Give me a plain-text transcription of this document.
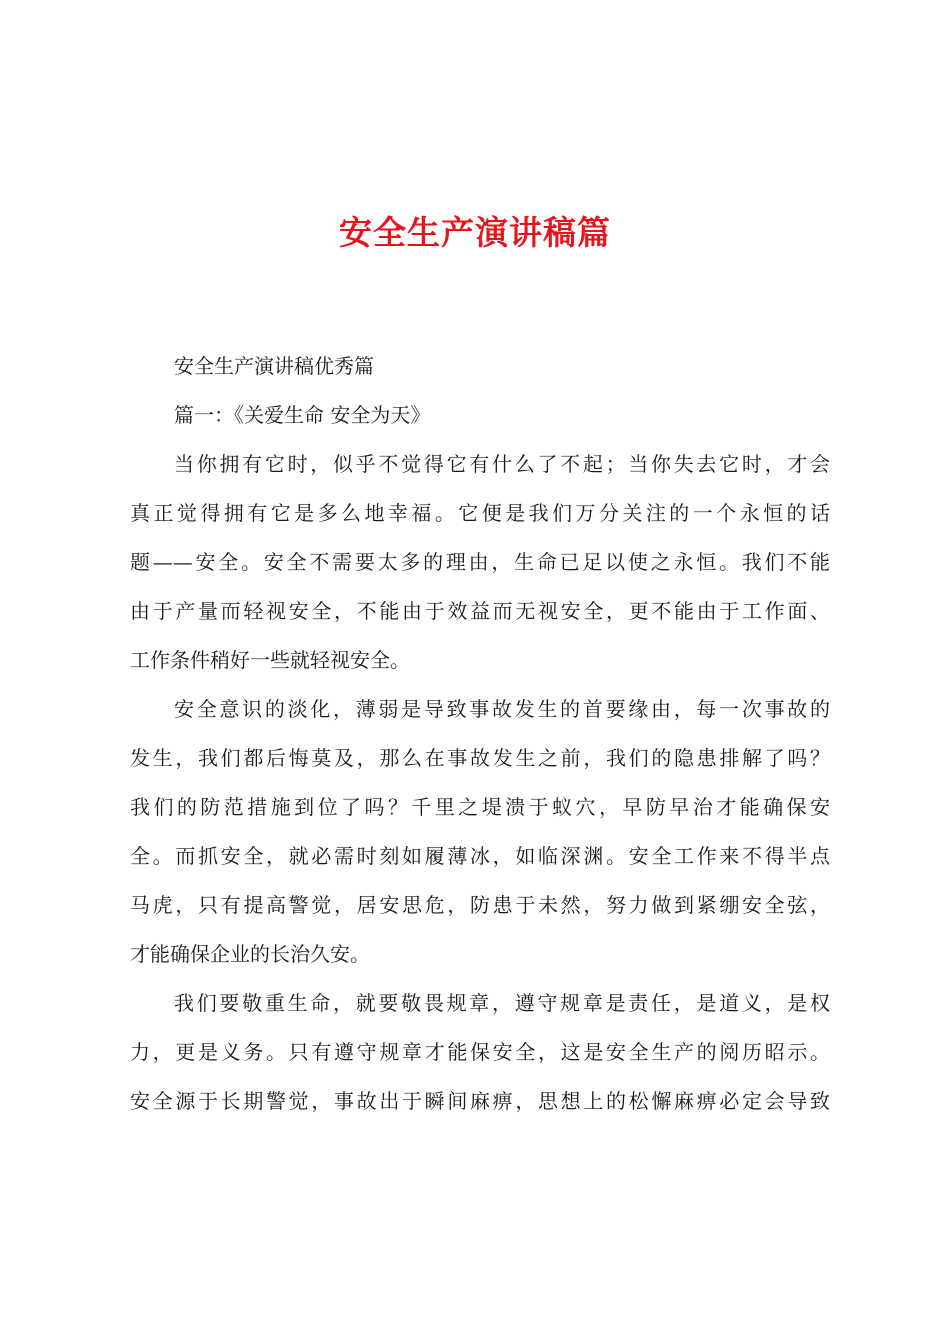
安全生产演讲稿篇
安全生产演讲稿优秀篇
篇一：《关爱生命 安全为天》
当你拥有它时，似乎不觉得它有什么了不起；当你失去它时，才会
真正觉得拥有它是多么地幸福。它便是我们万分关注的一个永恒的话
题——安全。安全不需要太多的理由，生命已足以使之永恒。我们不能
由于产量而轻视安全，不能由于效益而无视安全，更不能由于工作面、
工作条件稍好一些就轻视安全。
安全意识的淡化，薄弱是导致事故发生的首要缘由，每一次事故的
发生，我们都后悔莫及，那么在事故发生之前，我们的隐患排解了吗？
我们的防范措施到位了吗？千里之堤溃于蚁穴，早防早治才能确保安
全。而抓安全，就必需时刻如履薄冰，如临深渊。安全工作来不得半点
马虎，只有提高警觉，居安思危，防患于未然，努力做到紧绷安全弦，
才能确保企业的长治久安。
我们要敬重生命，就要敬畏规章，遵守规章是责任，是道义，是权
力，更是义务。只有遵守规章才能保安全，这是安全生产的阅历昭示。
安全源于长期警觉，事故出于瞬间麻痹，思想上的松懈麻痹必定会导致
